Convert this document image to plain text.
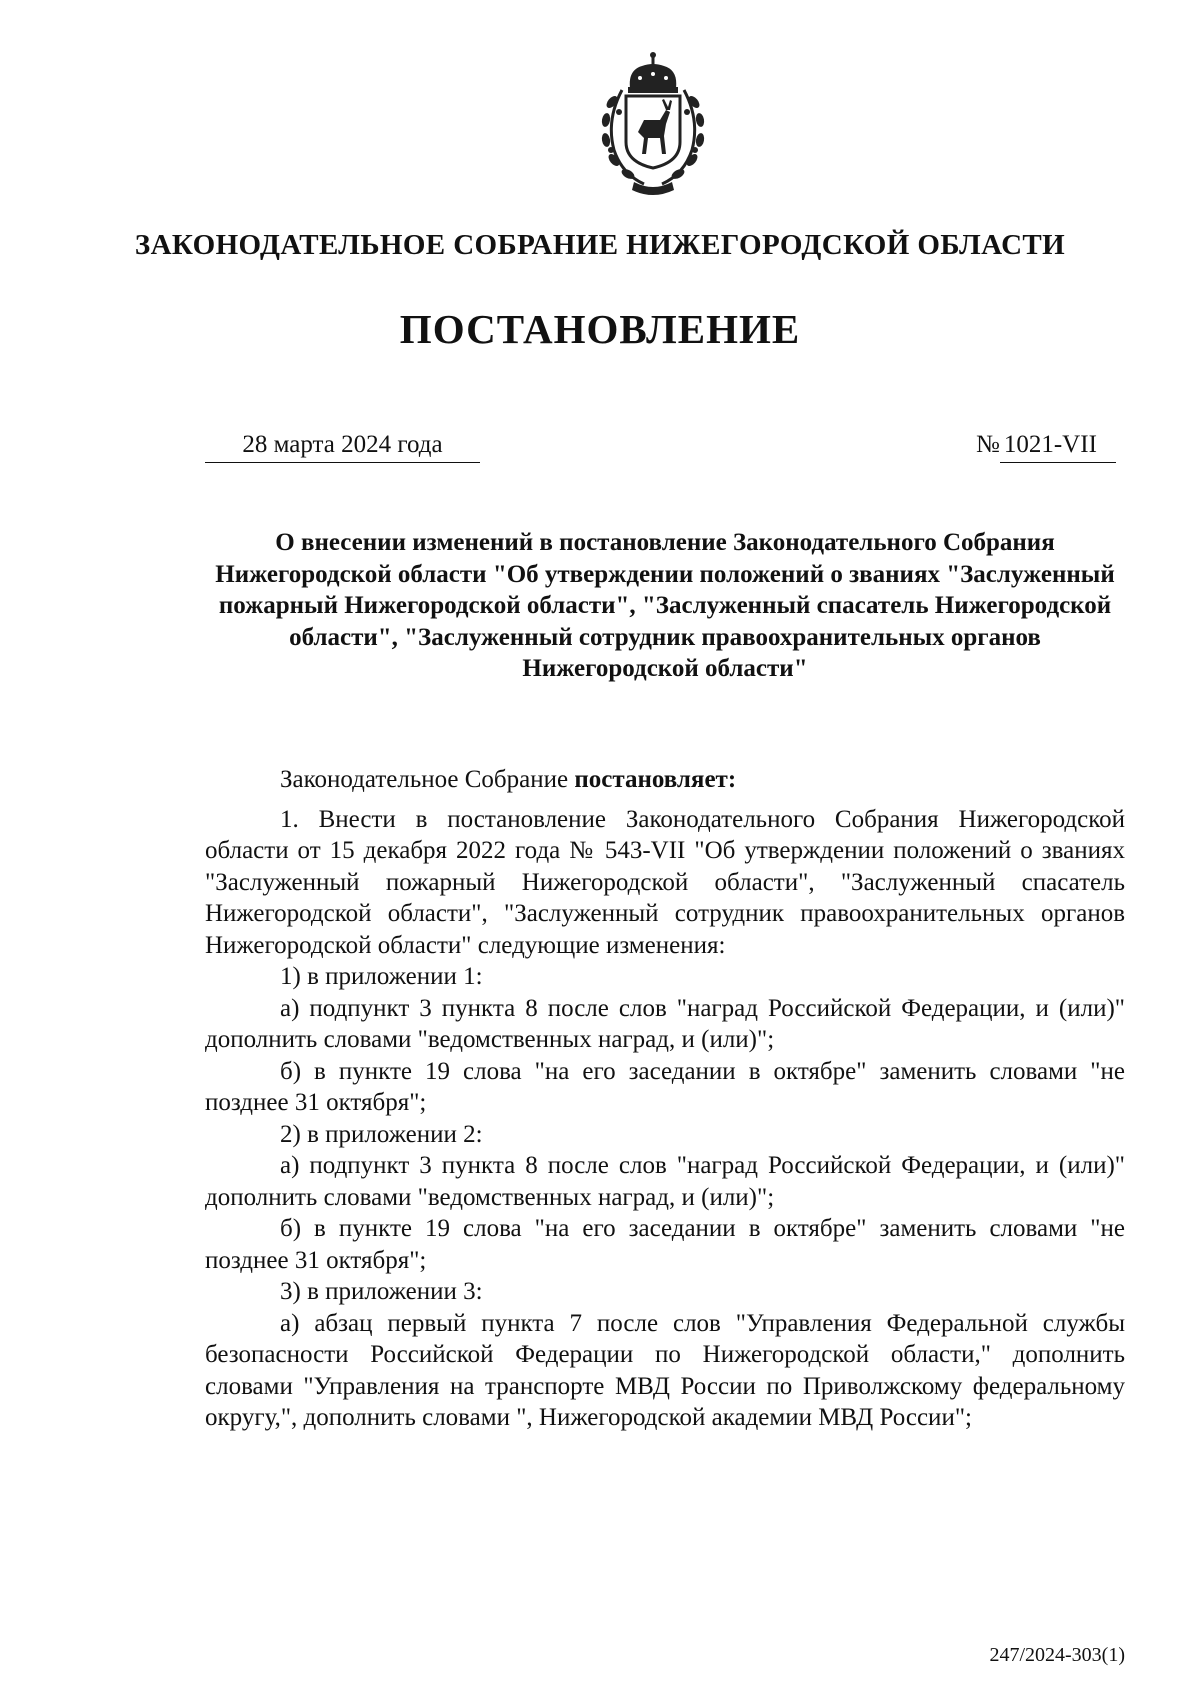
ЗАКОНОДАТЕЛЬНОЕ СОБРАНИЕ НИЖЕГОРОДСКОЙ ОБЛАСТИ
ПОСТАНОВЛЕНИЕ
28 марта 2024 года	№ 1021-VII
О внесении изменений в постановление Законодательного Собрания Нижегородской области "Об утверждении положений о званиях "Заслуженный пожарный Нижегородской области", "Заслуженный спасатель Нижегородской области", "Заслуженный сотрудник правоохранительных органов Нижегородской области"

Законодательное Собрание постановляет:

1. Внести в постановление Законодательного Собрания Нижегородской области от 15 декабря 2022 года № 543-VII "Об утверждении положений о званиях "Заслуженный пожарный Нижегородской области", "Заслуженный спасатель Нижегородской области", "Заслуженный сотрудник правоохранительных органов Нижегородской области" следующие изменения:

1) в приложении 1:

а) подпункт 3 пункта 8 после слов "наград Российской Федерации, и (или)" дополнить словами "ведомственных наград, и (или)";

б) в пункте 19 слова "на его заседании в октябре" заменить словами "не позднее 31 октября";

2) в приложении 2:

а) подпункт 3 пункта 8 после слов "наград Российской Федерации, и (или)" дополнить словами "ведомственных наград, и (или)";

б) в пункте 19 слова "на его заседании в октябре" заменить словами "не позднее 31 октября";

3) в приложении 3:

а) абзац первый пункта 7 после слов "Управления Федеральной службы безопасности Российской Федерации по Нижегородской области," дополнить словами "Управления на транспорте МВД России по Приволжскому федеральному округу,", дополнить словами ", Нижегородской академии МВД России";

247/2024-303(1)
